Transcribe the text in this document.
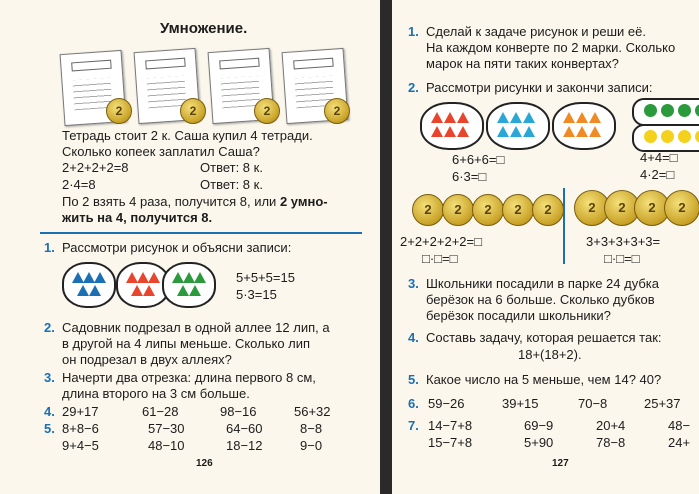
Умножение.
2	2	2	2
Тетрадь стоит 2 к. Саша купил 4 тетради.
Сколько копеек заплатил Саша?
2+2+2+2=8	Ответ: 8 к.
2·4=8	Ответ: 8 к.
По 2 взять 4 раза, получится 8, или 2 умно-
жить на 4, получится 8.
1. Рассмотри рисунок и объясни записи:
5+5+5=15
5·3=15
2. Садовник подрезал в одной аллее 12 лип, а
в другой на 4 липы меньше. Сколько лип
он подрезал в двух аллеях?
3. Начерти два отрезка: длина первого 8 см,
длина второго на 3 см больше.
4. 29+17	61−28	98−16	56+32
5. 8+8−6	57−30	64−60	8−8
9+4−5	48−10	18−12	9−0
126
1. Сделай к задаче рисунок и реши её.
На каждом конверте по 2 марки. Сколько
марок на пяти таких конвертах?
2. Рассмотри рисунки и закончи записи:
6+6+6=□
6·3=□
4+4=□
4·2=□
2	2	2	2	2	2	2	2	2
2+2+2+2+2=□
□·□=□
3+3+3+3+3=
□·□=□
3. Школьники посадили в парке 24 дубка
берёзок на 6 больше. Сколько дубков
берёзок посадили школьники?
4. Составь задачу, которая решается так:
18+(18+2).
5. Какое число на 5 меньше, чем 14? 40?
6. 59−26	39+15	70−8	25+37
7. 14−7+8	69−9	20+4	48−
15−7+8	5+90	78−8	24+
127
